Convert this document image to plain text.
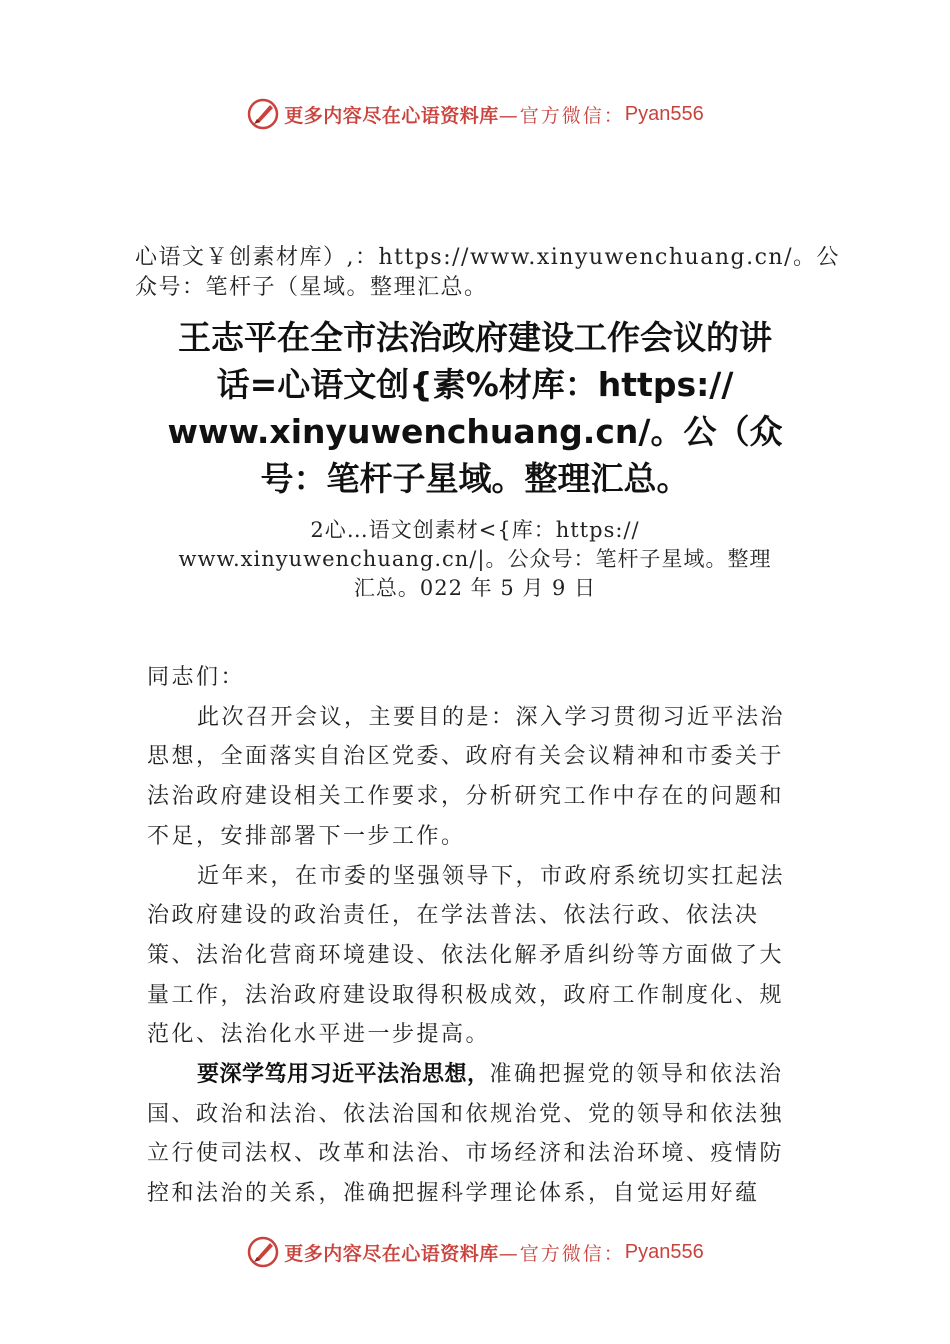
更多内容尽在心语资料库 —官方微信： Pyan556
心语文￥创素材库）,：https://www.xinyuwenchuang.cn/。公众号：笔杆子（星域。整理汇总。
王志平在全市法治政府建设工作会议的讲
话=心语文创{素%材库：https://
www.xinyuwenchuang.cn/。公（众
号：笔杆子星域。整理汇总。
2心…语文创素材<{库：https://
www.xinyuwenchuang.cn/|。公众号：笔杆子星域。整理
汇总。022 年 5 月 9 日

同志们：

此次召开会议，主要目的是：深入学习贯彻习近平法治思想，全面落实自治区党委、政府有关会议精神和市委关于法治政府建设相关工作要求，分析研究工作中存在的问题和不足，安排部署下一步工作。

近年来，在市委的坚强领导下，市政府系统切实扛起法治政府建设的政治责任，在学法普法、依法行政、依法决策、法治化营商环境建设、依法化解矛盾纠纷等方面做了大量工作，法治政府建设取得积极成效，政府工作制度化、规范化、法治化水平进一步提高。

要深学笃用习近平法治思想，准确把握党的领导和依法治国、政治和法治、依法治国和依规治党、党的领导和依法独立行使司法权、改革和法治、市场经济和法治环境、疫情防控和法治的关系，准确把握科学理论体系，自觉运用好蕴

更多内容尽在心语资料库 —官方微信： Pyan556
